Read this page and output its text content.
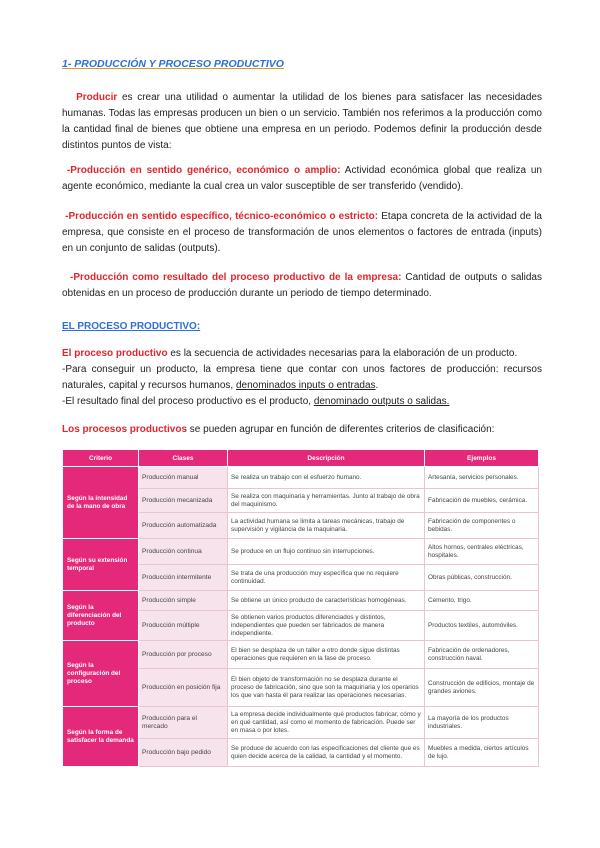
1- PRODUCCIÓN Y PROCESO PRODUCTIVO

Producir es crear una utilidad o aumentar la utilidad de los bienes para satisfacer las necesidades humanas. Todas las empresas producen un bien o un servicio. También nos referimos a la producción como la cantidad final de bienes que obtiene una empresa en un periodo. Podemos definir la producción desde distintos puntos de vista:

-Producción en sentido genérico, económico o amplio: Actividad económica global que realiza un agente económico, mediante la cual crea un valor susceptible de ser transferido (vendido).

-Producción en sentido específico, técnico-económico o estricto: Etapa concreta de la actividad de la empresa, que consiste en el proceso de transformación de unos elementos o factores de entrada (inputs) en un conjunto de salidas (outputs).

-Producción como resultado del proceso productivo de la empresa: Cantidad de outputs o salidas obtenidas en un proceso de producción durante un periodo de tiempo determinado.

EL PROCESO PRODUCTIVO:

El proceso productivo es la secuencia de actividades necesarias para la elaboración de un producto.
-Para conseguir un producto, la empresa tiene que contar con unos factores de producción: recursos naturales, capital y recursos humanos, denominados inputs o entradas.
-El resultado final del proceso productivo es el producto, denominado outputs o salidas.

Los procesos productivos se pueden agrupar en función de diferentes criterios de clasificación:

Criterio	Clases	Descripción	Ejemplos
Según la intensidad de la mano de obra	Producción manual	Se realiza un trabajo con el esfuerzo humano.	Artesanía, servicios personales.
	Producción mecanizada	Se realiza con maquinaria y herramientas. Junto al trabajo de obra del maquinismo.	Fabricación de muebles, cerámica.
	Producción automatizada	La actividad humana se limita a tareas mecánicas, trabajo de supervisión y vigilancia de la maquinaria.	Fabricación de componentes o bebidas.
Según su extensión temporal	Producción continua	Se produce en un flujo continuo sin interrupciones.	Altos hornos, centrales eléctricas, hospitales.
	Producción intermitente	Se trata de una producción muy específica que no requiere continuidad.	Obras públicas, construcción.
Según la diferenciación del producto	Producción simple	Se obtiene un único producto de características homogéneas.	Cemento, trigo.
	Producción múltiple	Se obtienen varios productos diferenciados y distintos, independientes que pueden ser fabricados de manera independiente.	Productos textiles, automóviles.
Según la configuración del proceso	Producción por proceso	El bien se desplaza de un taller a otro donde sigue distintas operaciones que requieren en la fase de proceso.	Fabricación de ordenadores, construcción naval.
	Producción en posición fija	El bien objeto de transformación no se desplaza durante el proceso de fabricación, sino que son la maquinaria y los operarios los que van hasta él para realizar las operaciones necesarias.	Construcción de edificios, montaje de grandes aviones.
Según la forma de satisfacer la demanda	Producción para el mercado	La empresa decide individualmente qué productos fabricar, cómo y en qué cantidad, así como el momento de fabricación. Puede ser en masa o por lotes.	La mayoría de los productos industriales.
	Producción bajo pedido	Se produce de acuerdo con las especificaciones del cliente que es quien decide acerca de la calidad, la cantidad y el momento.	Muebles a medida, ciertos artículos de lujo.
